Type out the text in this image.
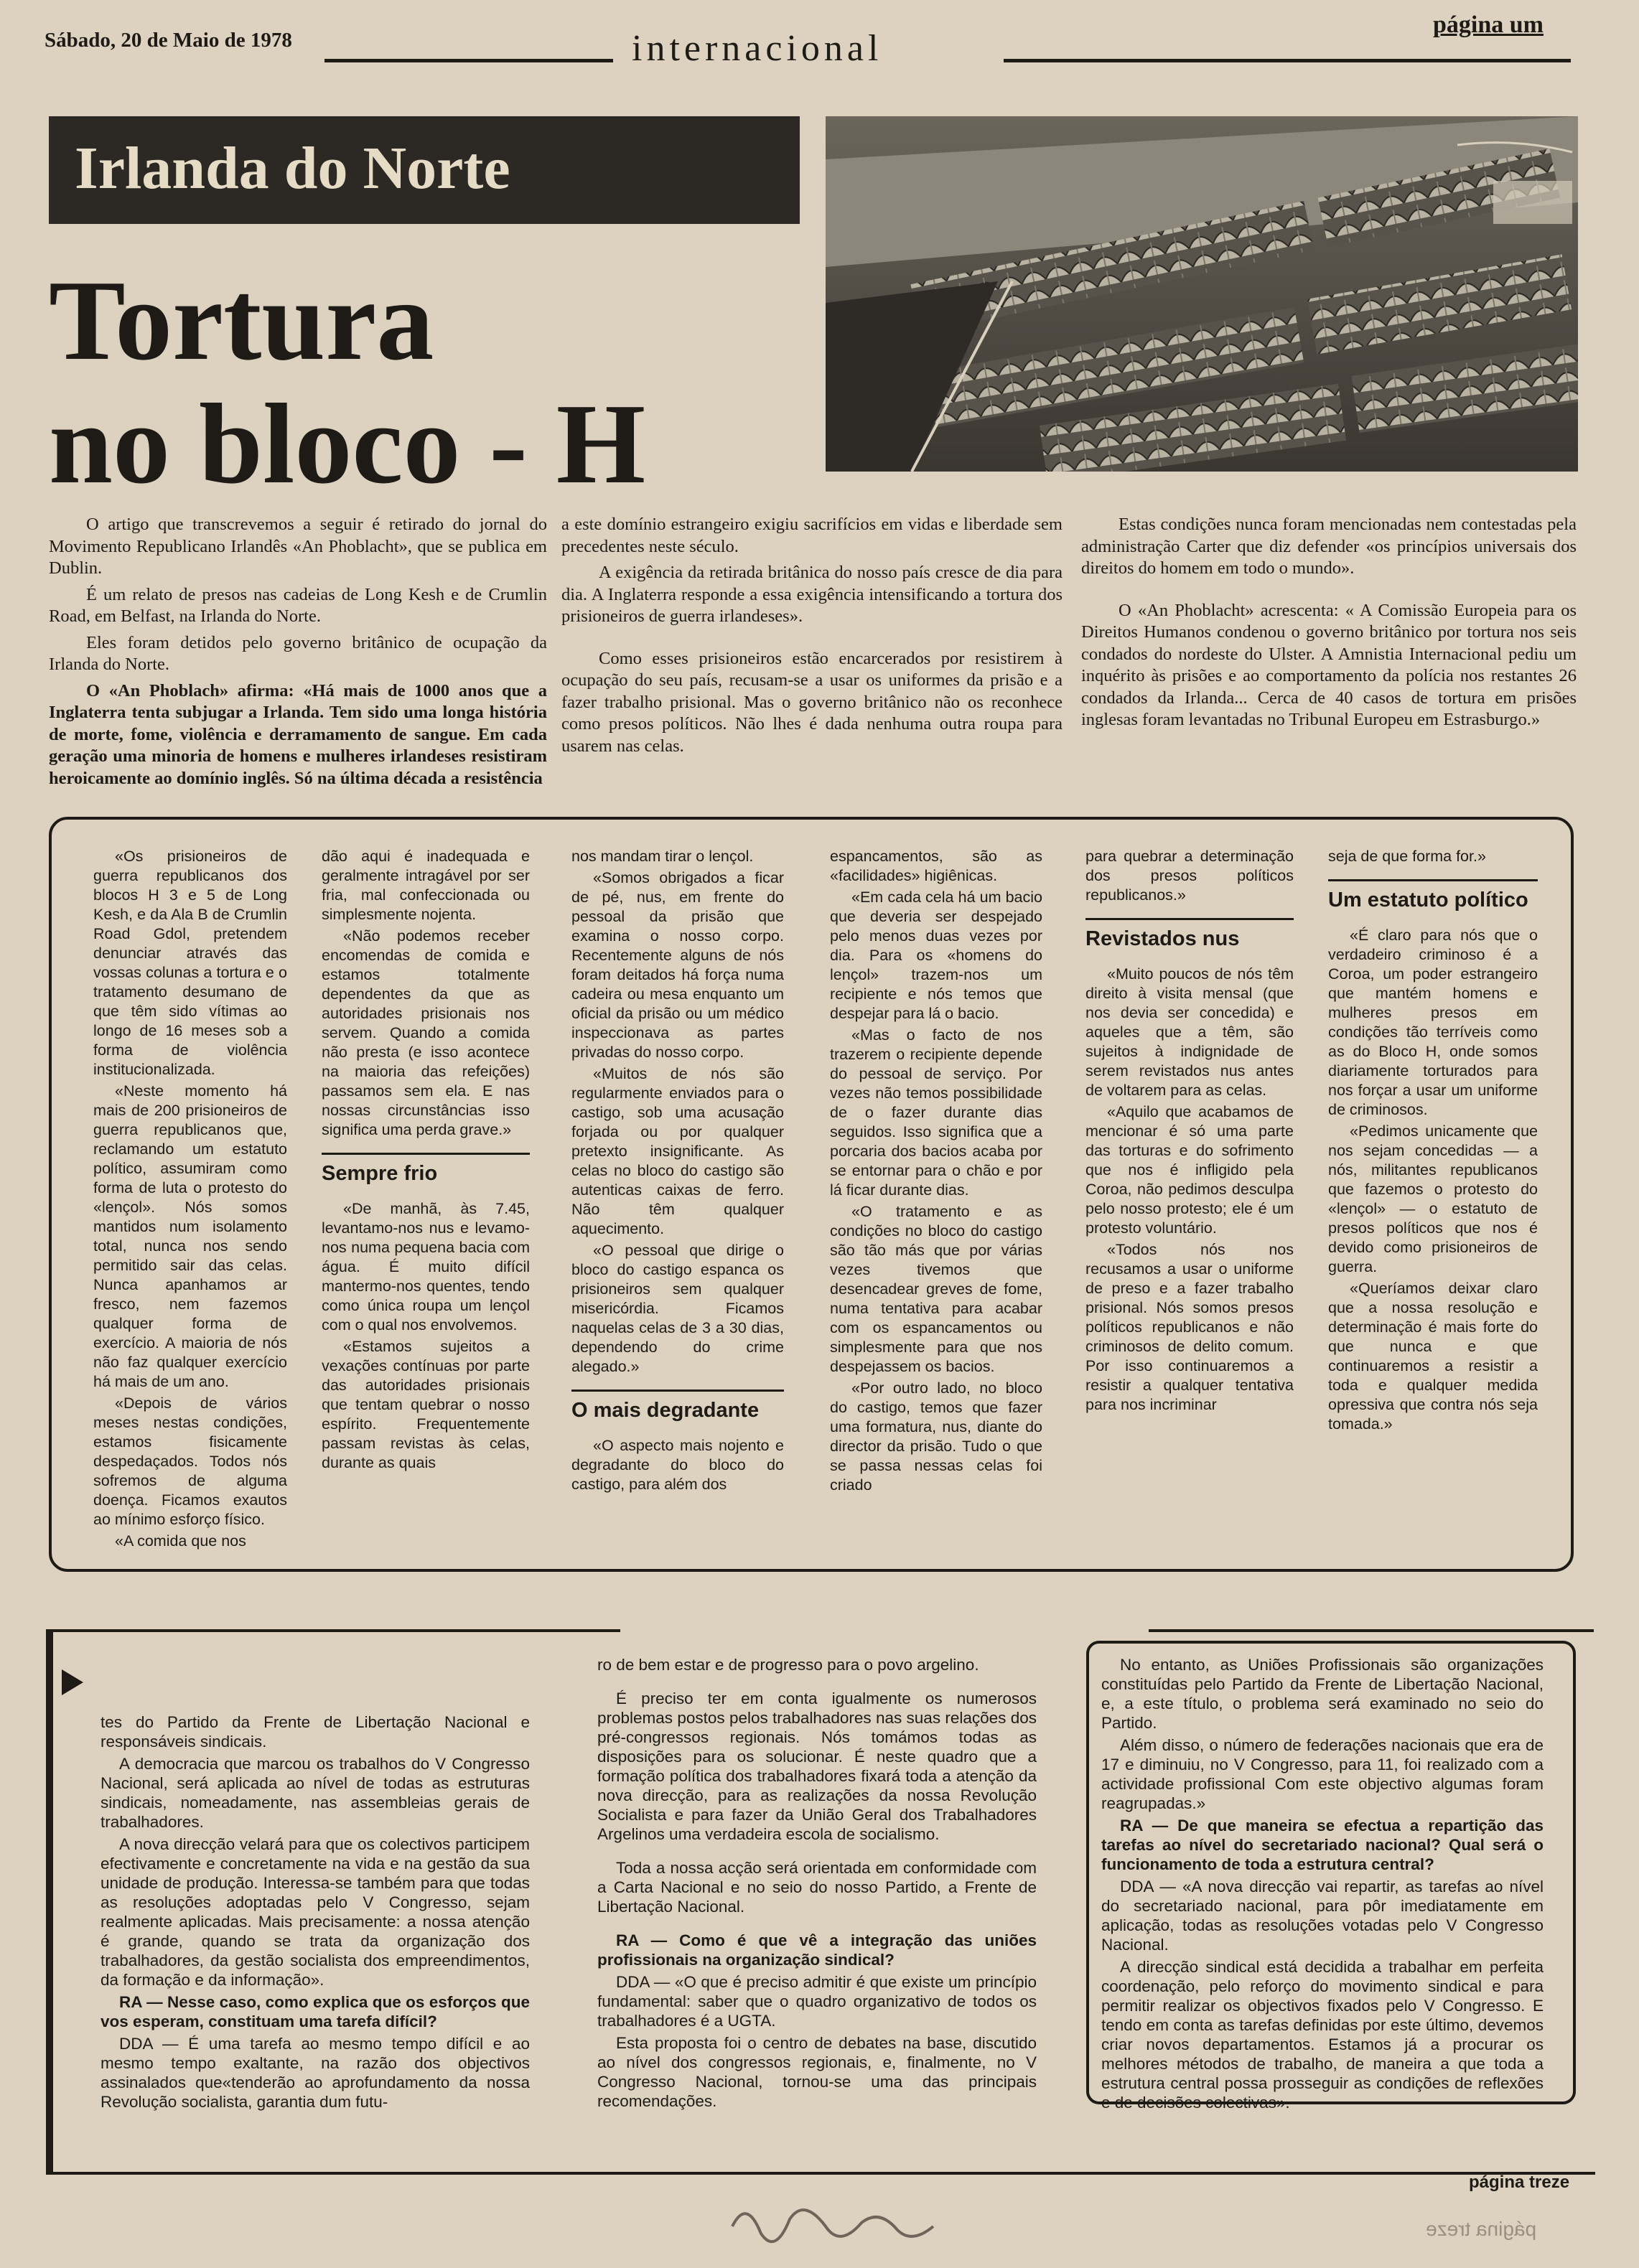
Sábado, 20 de Maio de 1978	internacional
página um
Irlanda do Norte
Tortura
no bloco - H

O artigo que transcrevemos a seguir é retirado do jornal do Movimento Republicano Irlandês «An Phoblacht», que se publica em Dublin.

É um relato de presos nas cadeias de Long Kesh e de Crumlin Road, em Belfast, na Irlanda do Norte.

Eles foram detidos pelo governo britânico de ocupação da Irlanda do Norte.

O «An Phoblach» afirma: «Há mais de 1000 anos que a Inglaterra tenta subjugar a Irlanda. Tem sido uma longa história de morte, fome, violência e derramamento de sangue. Em cada geração uma minoria de homens e mulheres irlandeses resistiram heroicamente ao domínio inglês. Só na última década a resistência

a este domínio estrangeiro exigiu sacrifícios em vidas e liberdade sem precedentes neste século.

A exigência da retirada britânica do nosso país cresce de dia para dia. A Inglaterra responde a essa exigência intensificando a tortura dos prisioneiros de guerra irlandeses».

Como esses prisioneiros estão encarcerados por resistirem à ocupação do seu país, recusam-se a usar os uniformes da prisão e a fazer trabalho prisional. Mas o governo britânico não os reconhece como presos políticos. Não lhes é dada nenhuma outra roupa para usarem nas celas.

Estas condições nunca foram mencionadas nem contestadas pela administração Carter que diz defender «os princípios universais dos direitos do homem em todo o mundo».

O «An Phoblacht» acrescenta: « A Comissão Europeia para os Direitos Humanos condenou o governo britânico por tortura nos seis condados do nordeste do Ulster. A Amnistia Internacional pediu um inquérito às prisões e ao comportamento da polícia nos restantes 26 condados da Irlanda... Cerca de 40 casos de tortura em prisões inglesas foram levantadas no Tribunal Europeu em Estrasburgo.»

«Os prisioneiros de guerra republicanos dos blocos H 3 e 5 de Long Kesh, e da Ala B de Crumlin Road Gdol, pretendem denunciar através das vossas colunas a tortura e o tratamento desumano de que têm sido vítimas ao longo de 16 meses sob a forma de violência institucionalizada.

«Neste momento há mais de 200 prisioneiros de guerra republicanos que, reclamando um estatuto político, assumiram como forma de luta o protesto do «lençol». Nós somos mantidos num isolamento total, nunca nos sendo permitido sair das celas. Nunca apanhamos ar fresco, nem fazemos qualquer forma de exercício. A maioria de nós não faz qualquer exercício há mais de um ano.

«Depois de vários meses nestas condições, estamos fisicamente despedaçados. Todos nós sofremos de alguma doença. Ficamos exautos ao mínimo esforço físico.

«A comida que nos

dão aqui é inadequada e geralmente intragável por ser fria, mal confeccionada ou simplesmente nojenta.

«Não podemos receber encomendas de comida e estamos totalmente dependentes da que as autoridades prisionais nos servem. Quando a comida não presta (e isso acontece na maioria das refeições) passamos sem ela. E nas nossas circunstâncias isso significa uma perda grave.»

Sempre frio

«De manhã, às 7.45, levantamo-nos nus e levamo-nos numa pequena bacia com água. É muito difícil mantermo-nos quentes, tendo como única roupa um lençol com o qual nos envolvemos.

«Estamos sujeitos a vexações contínuas por parte das autoridades prisionais que tentam quebrar o nosso espírito. Frequentemente passam revistas às celas, durante as quais

nos mandam tirar o lençol.

«Somos obrigados a ficar de pé, nus, em frente do pessoal da prisão que examina o nosso corpo. Recentemente alguns de nós foram deitados há força numa cadeira ou mesa enquanto um oficial da prisão ou um médico inspeccionava as partes privadas do nosso corpo.

«Muitos de nós são regularmente enviados para o castigo, sob uma acusação forjada ou por qualquer pretexto insignificante. As celas no bloco do castigo são autenticas caixas de ferro. Não têm qualquer aquecimento.

«O pessoal que dirige o bloco do castigo espanca os prisioneiros sem qualquer misericórdia. Ficamos naquelas celas de 3 a 30 dias, dependendo do crime alegado.»

O mais degradante

«O aspecto mais nojento e degradante do bloco do castigo, para além dos

espancamentos, são as «facilidades» higiênicas.

«Em cada cela há um bacio que deveria ser despejado pelo menos duas vezes por dia. Para os «homens do lençol» trazem-nos um recipiente e nós temos que despejar para lá o bacio.

«Mas o facto de nos trazerem o recipiente depende do pessoal de serviço. Por vezes não temos possibilidade de o fazer durante dias seguidos. Isso significa que a porcaria dos bacios acaba por se entornar para o chão e por lá ficar durante dias.

«O tratamento e as condições no bloco do castigo são tão más que por várias vezes tivemos que desencadear greves de fome, numa tentativa para acabar com os espancamentos ou simplesmente para que nos despejassem os bacios.

«Por outro lado, no bloco do castigo, temos que fazer uma formatura, nus, diante do director da prisão. Tudo o que se passa nessas celas foi criado

para quebrar a determinação dos presos políticos republicanos.»

Revistados nus

«Muito poucos de nós têm direito à visita mensal (que nos devia ser concedida) e aqueles que a têm, são sujeitos à indignidade de serem revistados nus antes de voltarem para as celas.

«Aquilo que acabamos de mencionar é só uma parte das torturas e do sofrimento que nos é infligido pela Coroa, não pedimos desculpa pelo nosso protesto; ele é um protesto voluntário.

«Todos nós nos recusamos a usar o uniforme de preso e a fazer trabalho prisional. Nós somos presos políticos republicanos e não criminosos de delito comum. Por isso continuaremos a resistir a qualquer tentativa para nos incriminar

seja de que forma for.»

Um estatuto político

«É claro para nós que o verdadeiro criminoso é a Coroa, um poder estrangeiro que mantém homens e mulheres presos em condições tão terríveis como as do Bloco H, onde somos diariamente torturados para nos forçar a usar um uniforme de criminosos.

«Pedimos unicamente que nos sejam concedidas — a nós, militantes republicanos que fazemos o protesto do «lençol» — o estatuto de presos políticos que nos é devido como prisioneiros de guerra.

«Queríamos deixar claro que a nossa resolução e determinação é mais forte do que nunca e que continuaremos a resistir a toda e qualquer medida opressiva que contra nós seja tomada.»

tes do Partido da Frente de Libertação Nacional e responsáveis sindicais.

A democracia que marcou os trabalhos do V Congresso Nacional, será aplicada ao nível de todas as estruturas sindicais, nomeadamente, nas assembleias gerais de trabalhadores.

A nova direcção velará para que os colectivos participem efectivamente e concretamente na vida e na gestão da sua unidade de produção. Interessa-se também para que todas as resoluções adoptadas pelo V Congresso, sejam realmente aplicadas. Mais precisamente: a nossa atenção é grande, quando se trata da organização dos trabalhadores, da gestão socialista dos empreendimentos, da formação e da informação».

RA — Nesse caso, como explica que os esforços que vos esperam, constituam uma tarefa difícil?

DDA — É uma tarefa ao mesmo tempo difícil e ao mesmo tempo exaltante, na razão dos objectivos assinalados que«tenderão ao aprofundamento da nossa Revolução socialista, garantia dum futu-

ro de bem estar e de progresso para o povo argelino.

É preciso ter em conta igualmente os numerosos problemas postos pelos trabalhadores nas suas relações dos pré-congressos regionais. Nós tomámos todas as disposições para os solucionar. É neste quadro que a formação política dos trabalhadores fixará toda a atenção da nova direcção, para as realizações da nossa Revolução Socialista e para fazer da União Geral dos Trabalhadores Argelinos uma verdadeira escola de socialismo.

Toda a nossa acção será orientada em conformidade com a Carta Nacional e no seio do nosso Partido, a Frente de Libertação Nacional.

RA — Como é que vê a integração das uniões profissionais na organização sindical?

DDA — «O que é preciso admitir é que existe um princípio fundamental: saber que o quadro organizativo de todos os trabalhadores é a UGTA.

Esta proposta foi o centro de debates na base, discutido ao nível dos congressos regionais, e, finalmente, no V Congresso Nacional, tornou-se uma das principais recomendações.

No entanto, as Uniões Profissionais são organizações constituídas pelo Partido da Frente de Libertação Nacional, e, a este título, o problema será examinado no seio do Partido.

Além disso, o número de federações nacionais que era de 17 e diminuiu, no V Congresso, para 11, foi realizado com a actividade profissional Com este objectivo algumas foram reagrupadas.»

RA — De que maneira se efectua a repartição das tarefas ao nível do secretariado nacional? Qual será o funcionamento de toda a estrutura central?

DDA — «A nova direcção vai repartir, as tarefas ao nível do secretariado nacional, para pôr imediatamente em aplicação, todas as resoluções votadas pelo V Congresso Nacional.

A direcção sindical está decidida a trabalhar em perfeita coordenação, pelo reforço do movimento sindical e para permitir realizar os objectivos fixados pelo V Congresso. E tendo em conta as tarefas definidas por este último, devemos criar novos departamentos. Estamos já a procurar os melhores métodos de trabalho, de maneira a que toda a estrutura central possa prosseguir as condições de reflexões e de decisões colectivas».

página treze
página treze
